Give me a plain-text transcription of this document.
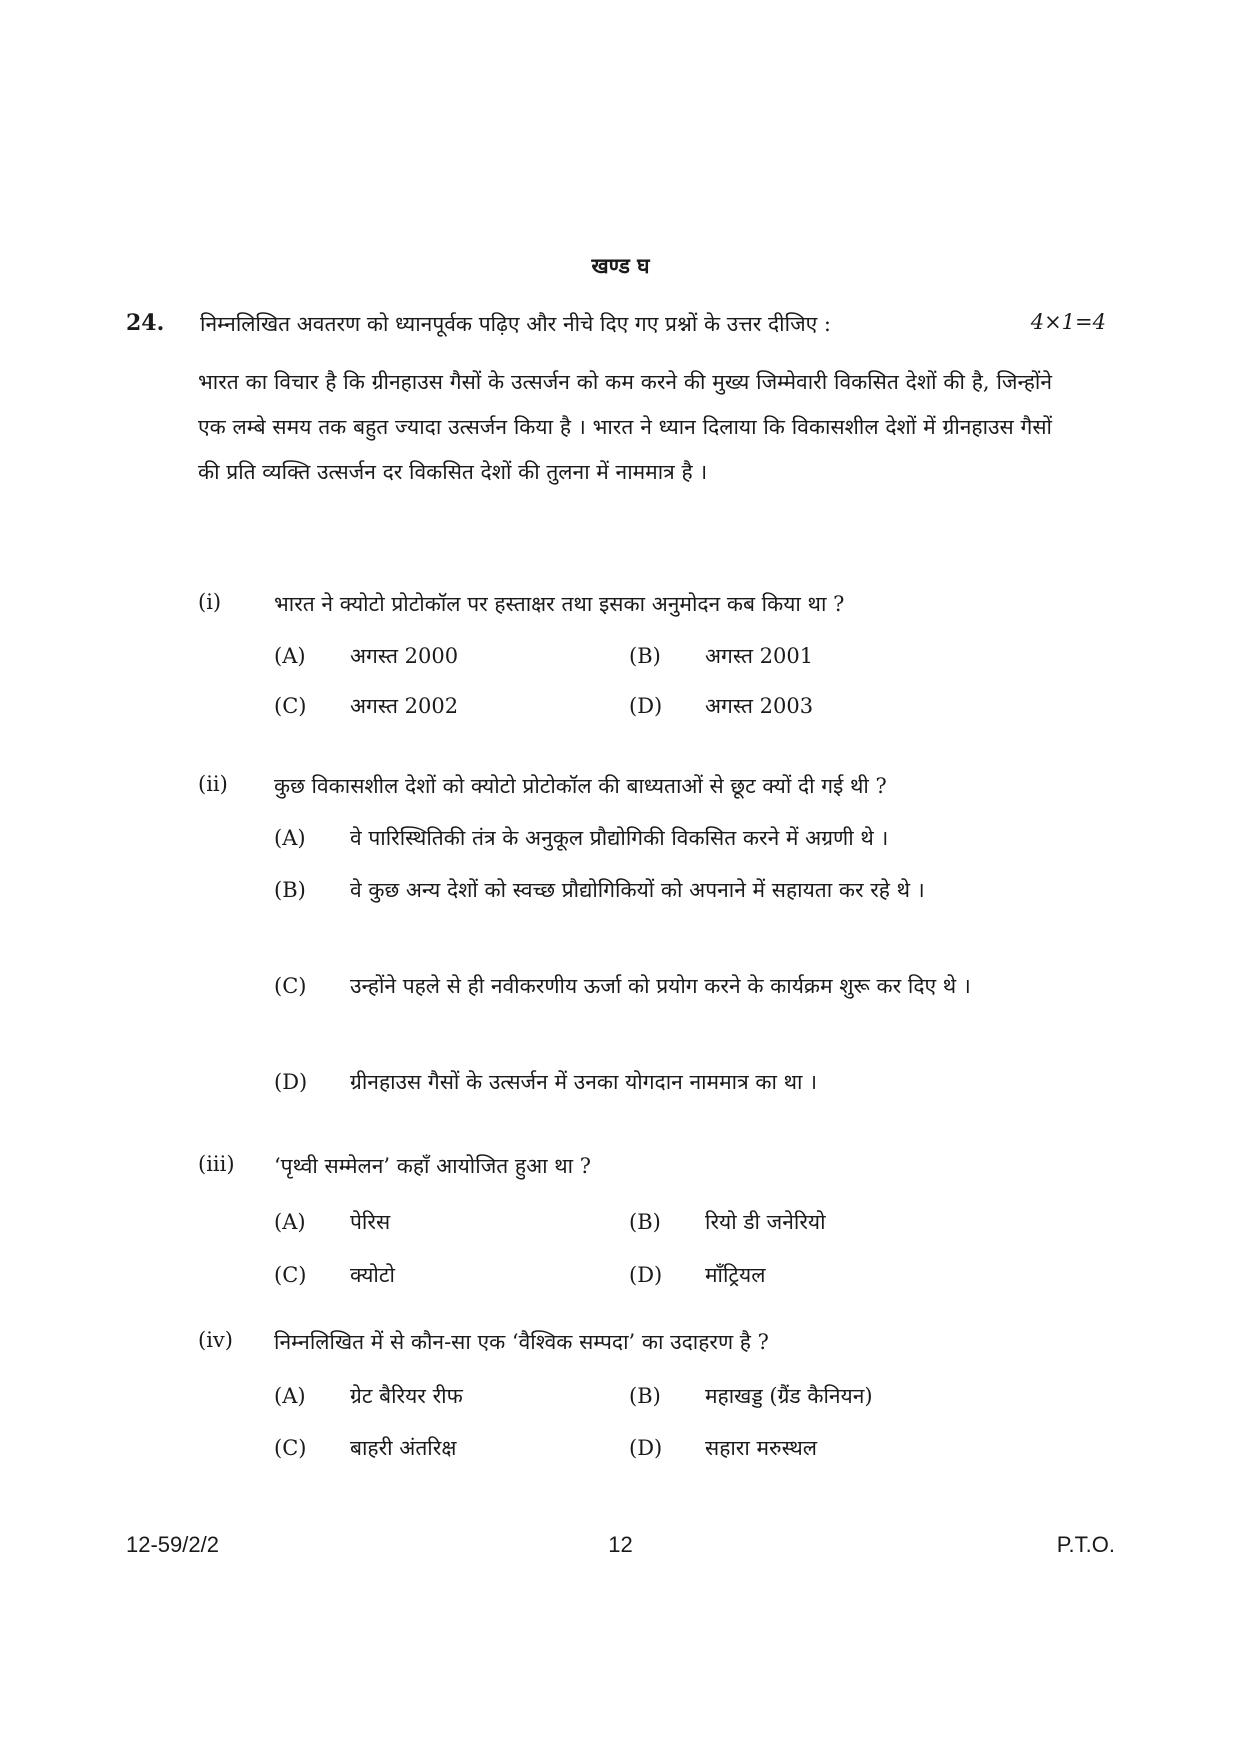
खण्ड घ
24. निम्नलिखित अवतरण को ध्यानपूर्वक पढ़िए और नीचे दिए गए प्रश्नों के उत्तर दीजिए :	4×1=4
भारत का विचार है कि ग्रीनहाउस गैसों के उत्सर्जन को कम करने की मुख्य जिम्मेवारी विकसित देशों की है, जिन्होंने एक लम्बे समय तक बहुत ज्यादा उत्सर्जन किया है । भारत ने ध्यान दिलाया कि विकासशील देशों में ग्रीनहाउस गैसों की प्रति व्यक्ति उत्सर्जन दर विकसित देशों की तुलना में नाममात्र है ।
(i)	भारत ने क्योटो प्रोटोकॉल पर हस्ताक्षर तथा इसका अनुमोदन कब किया था ?
(A) अगस्त 2000	(B) अगस्त 2001
(C) अगस्त 2002	(D) अगस्त 2003
(ii)	कुछ विकासशील देशों को क्योटो प्रोटोकॉल की बाध्यताओं से छूट क्यों दी गई थी ?
(A) वे पारिस्थितिकी तंत्र के अनुकूल प्रौद्योगिकी विकसित करने में अग्रणी थे ।
(B) वे कुछ अन्य देशों को स्वच्छ प्रौद्योगिकियों को अपनाने में सहायता कर रहे थे ।
(C) उन्होंने पहले से ही नवीकरणीय ऊर्जा को प्रयोग करने के कार्यक्रम शुरू कर दिए थे ।
(D) ग्रीनहाउस गैसों के उत्सर्जन में उनका योगदान नाममात्र का था ।
(iii)	‘पृथ्वी सम्मेलन’ कहाँ आयोजित हुआ था ?
(A) पेरिस	(B) रियो डी जनेरियो
(C) क्योटो	(D) मॉंट्रियल
(iv)	निम्नलिखित में से कौन-सा एक ‘वैश्विक सम्पदा’ का उदाहरण है ?
(A) ग्रेट बैरियर रीफ	(B) महाखड्ड (ग्रैंड कैनियन)
(C) बाहरी अंतरिक्ष	(D) सहारा मरुस्थल
12-59/2/2	12	P.T.O.
